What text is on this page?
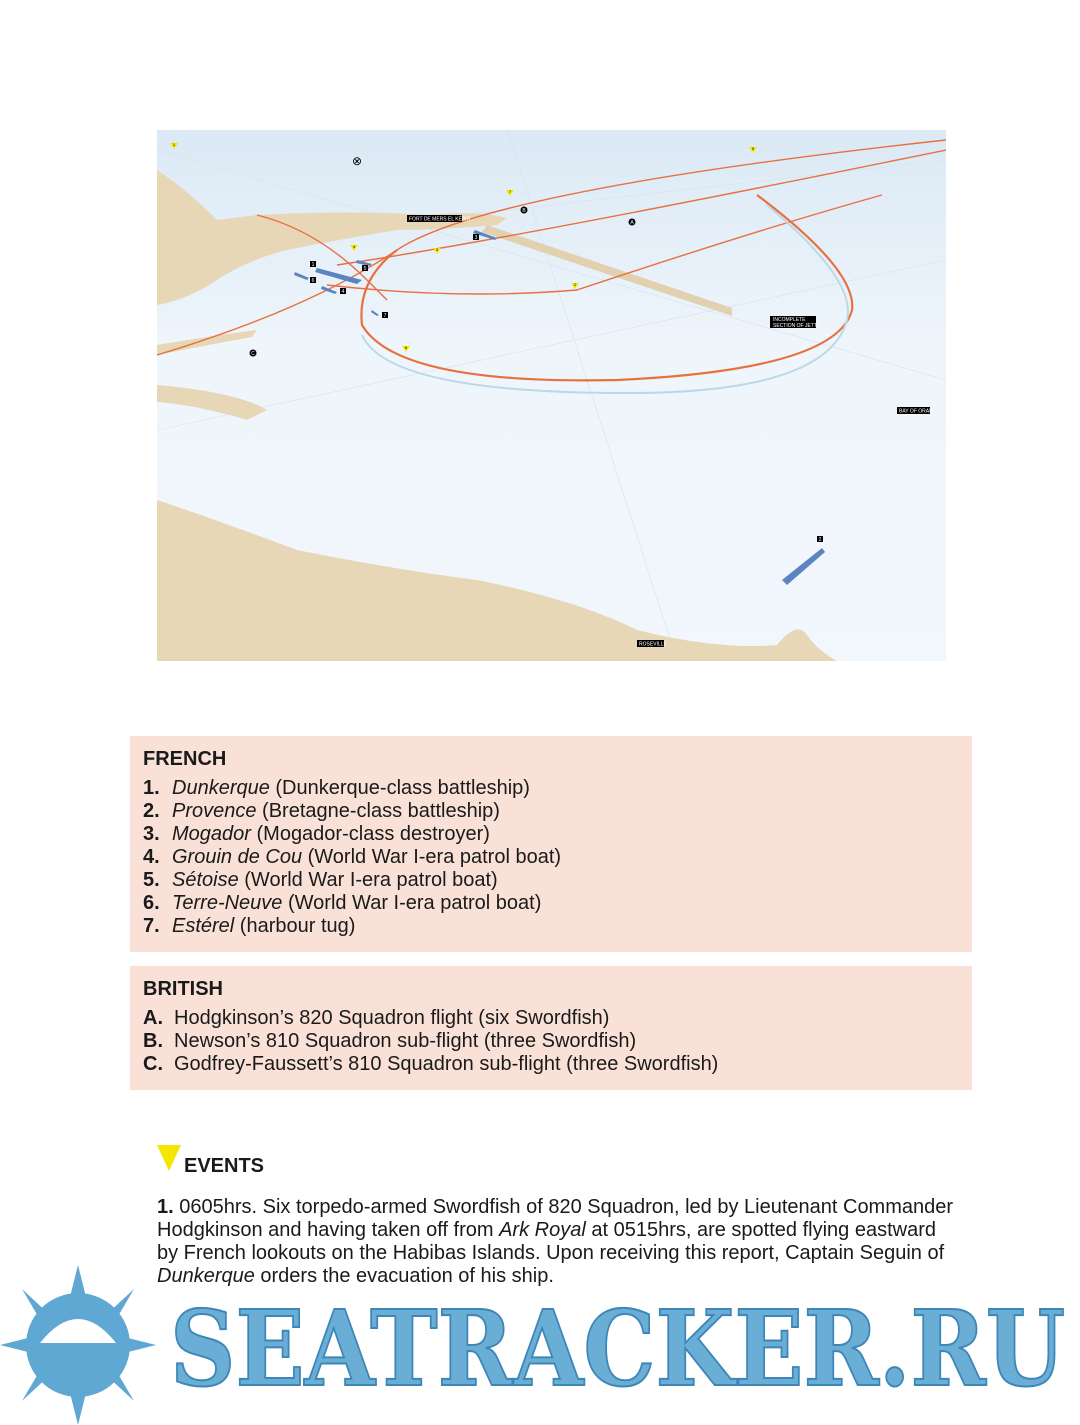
⊗
FORT DE MERS EL KÉBIR
INCOMPLETE
SECTION OF JETTY
BAY OF ORAN
ROSEVILLE
1
2
3
4
5
6
7
A
B
C
1
2
3
4
5
6
7
FRENCH
1. Dunkerque (Dunkerque-class battleship)
2. Provence (Bretagne-class battleship)
3. Mogador (Mogador-class destroyer)
4. Grouin de Cou (World War I-era patrol boat)
5. Sétoise (World War I-era patrol boat)
6. Terre-Neuve (World War I-era patrol boat)
7. Estérel (harbour tug)
BRITISH
A. Hodgkinson’s 820 Squadron flight (six Swordfish)
B. Newson’s 810 Squadron sub-flight (three Swordfish)
C. Godfrey-Faussett’s 810 Squadron sub-flight (three Swordfish)
EVENTS

1. 0605hrs. Six torpedo-armed Swordfish of 820 Squadron, led by Lieutenant Commander Hodgkinson and having taken off from Ark Royal at 0515hrs, are spotted flying eastward by French lookouts on the Habibas Islands. Upon receiving this report, Captain Seguin of Dunkerque orders the evacuation of his ship.

SEATRACKER.RU
